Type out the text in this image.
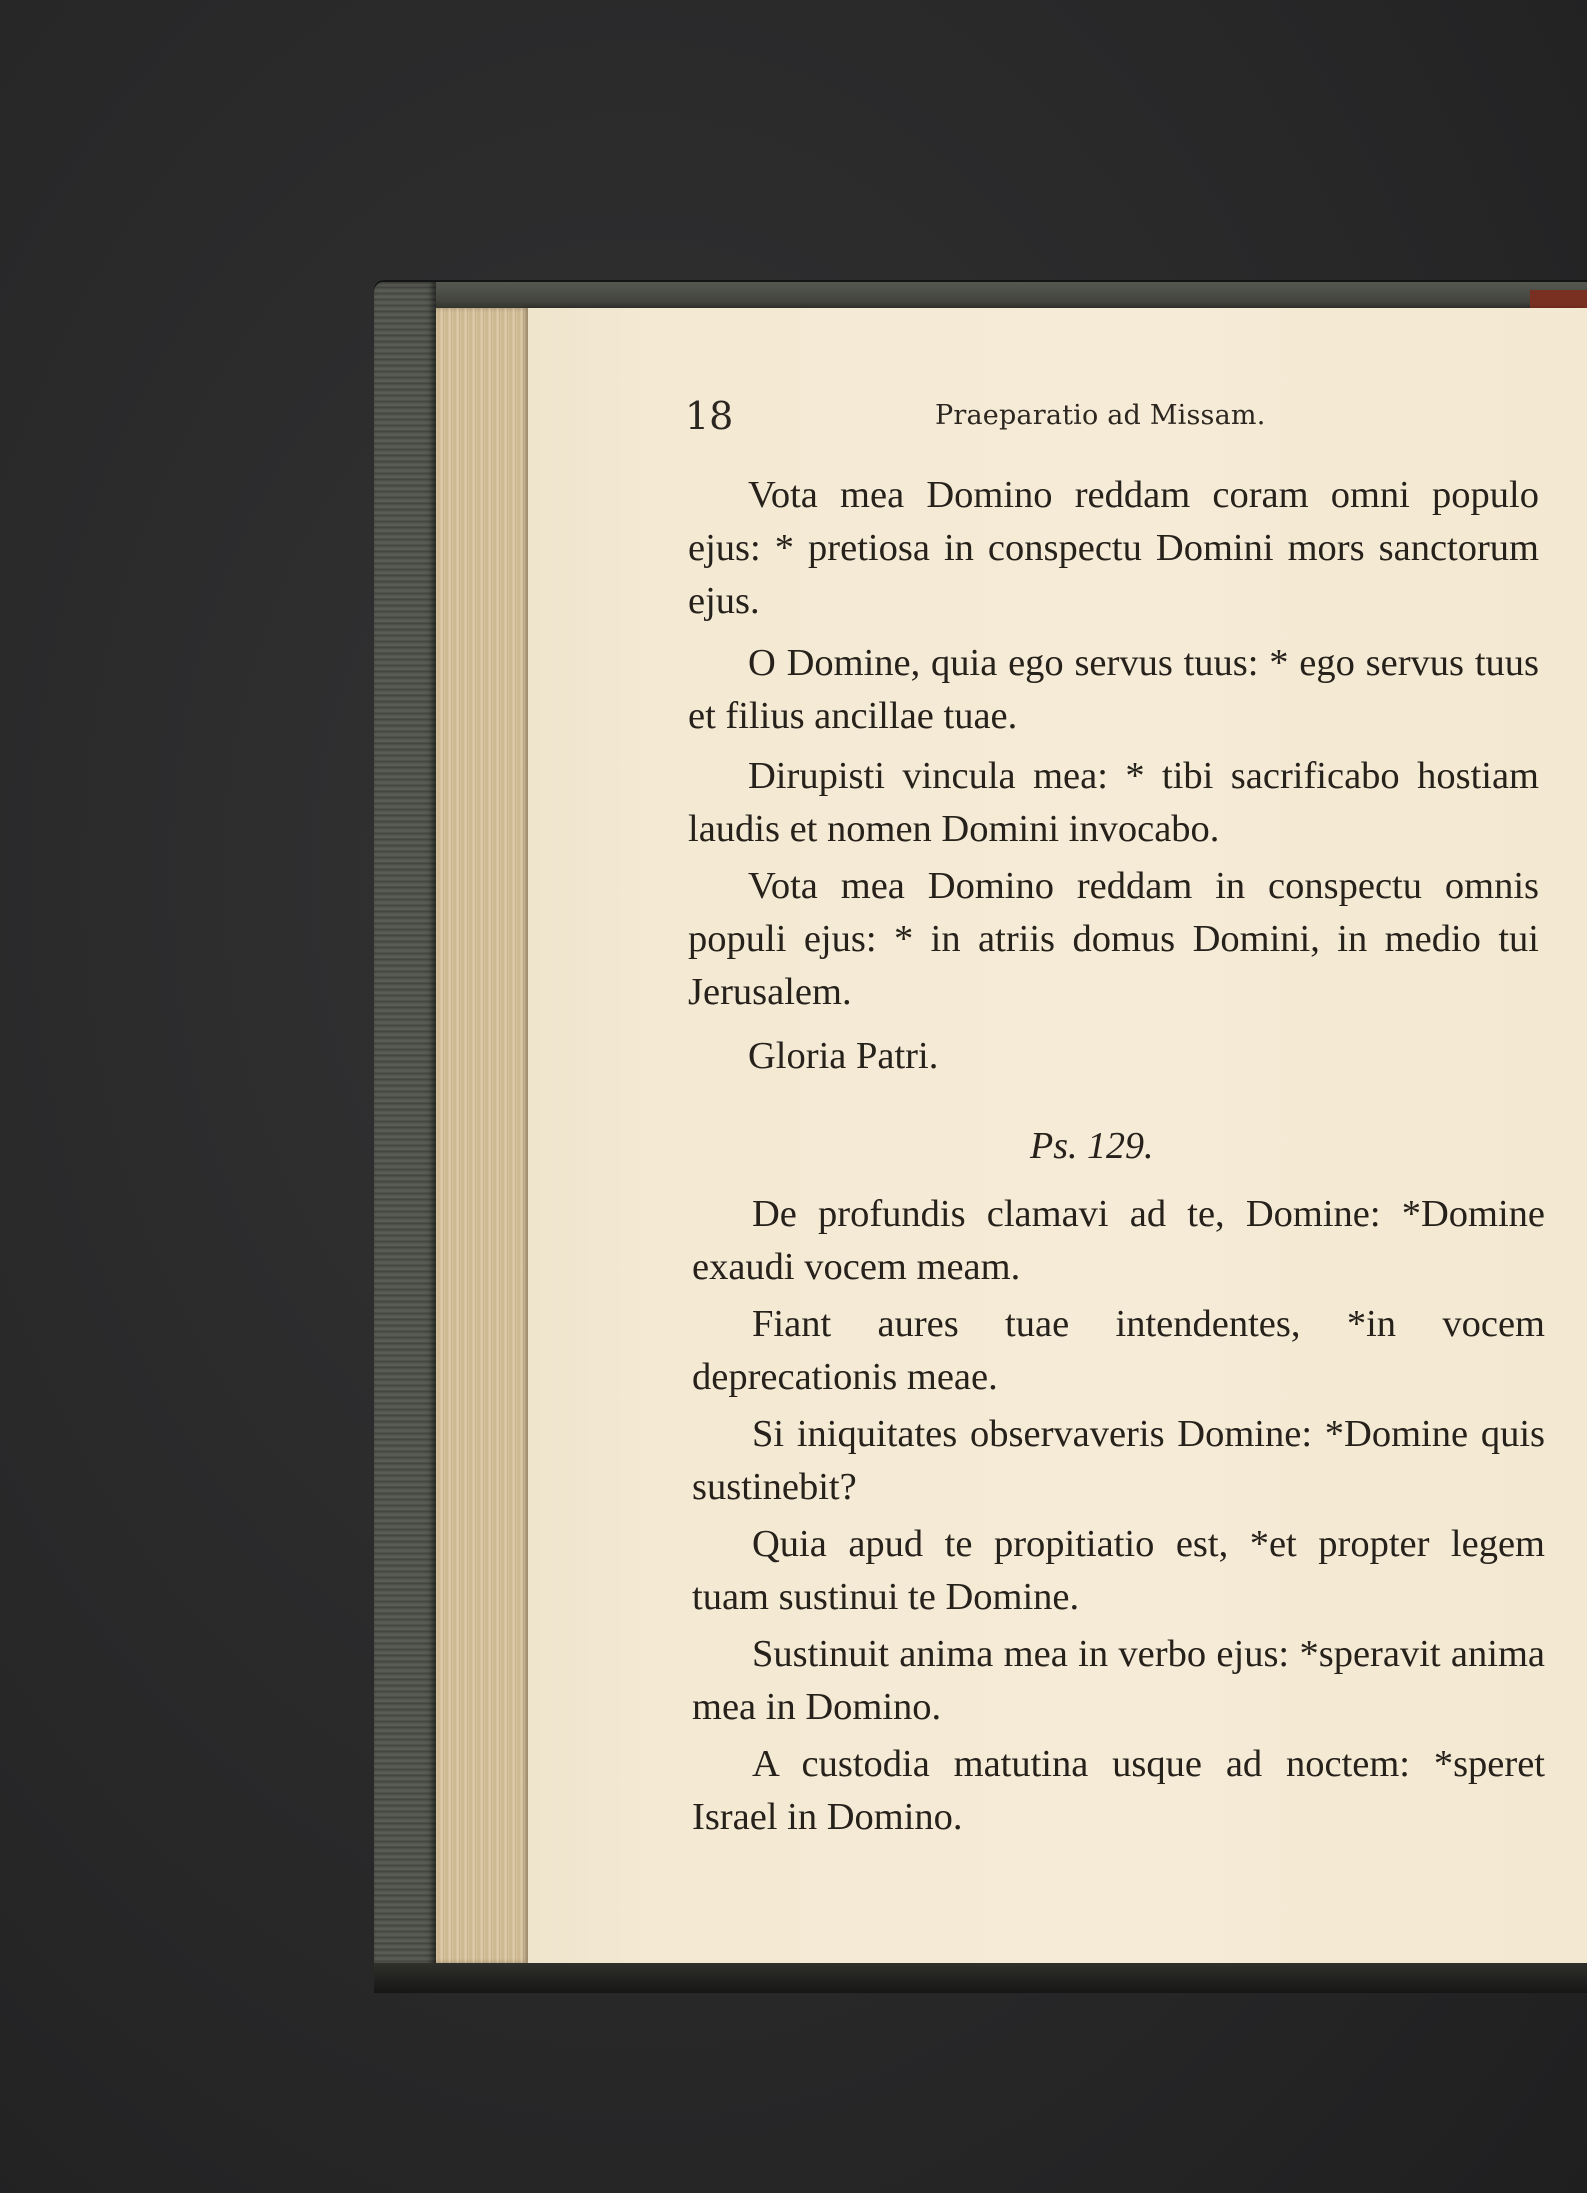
18	Praeparatio ad Missam.

Vota mea Domino reddam coram omni populo ejus: * pretiosa in conspectu Domini mors sanctorum ejus.

O Domine, quia ego servus tuus: * ego servus tuus et filius ancillae tuae.

Dirupisti vincula mea: * tibi sacrificabo hostiam laudis et nomen Domini invocabo.

Vota mea Domino reddam in conspectu omnis populi ejus: * in atriis domus Domini, in medio tui Jerusalem.

Gloria Patri.

Ps. 129.

De profundis clamavi ad te, Domine: *Domine exaudi vocem meam.

Fiant aures tuae intendentes, *in vocem deprecationis meae.

Si iniquitates observaveris Domine: *Domine quis sustinebit?

Quia apud te propitiatio est, *et propter legem tuam sustinui te Domine.

Sustinuit anima mea in verbo ejus: *speravit anima mea in Domino.

A custodia matutina usque ad noctem: *speret Israel in Domino.
